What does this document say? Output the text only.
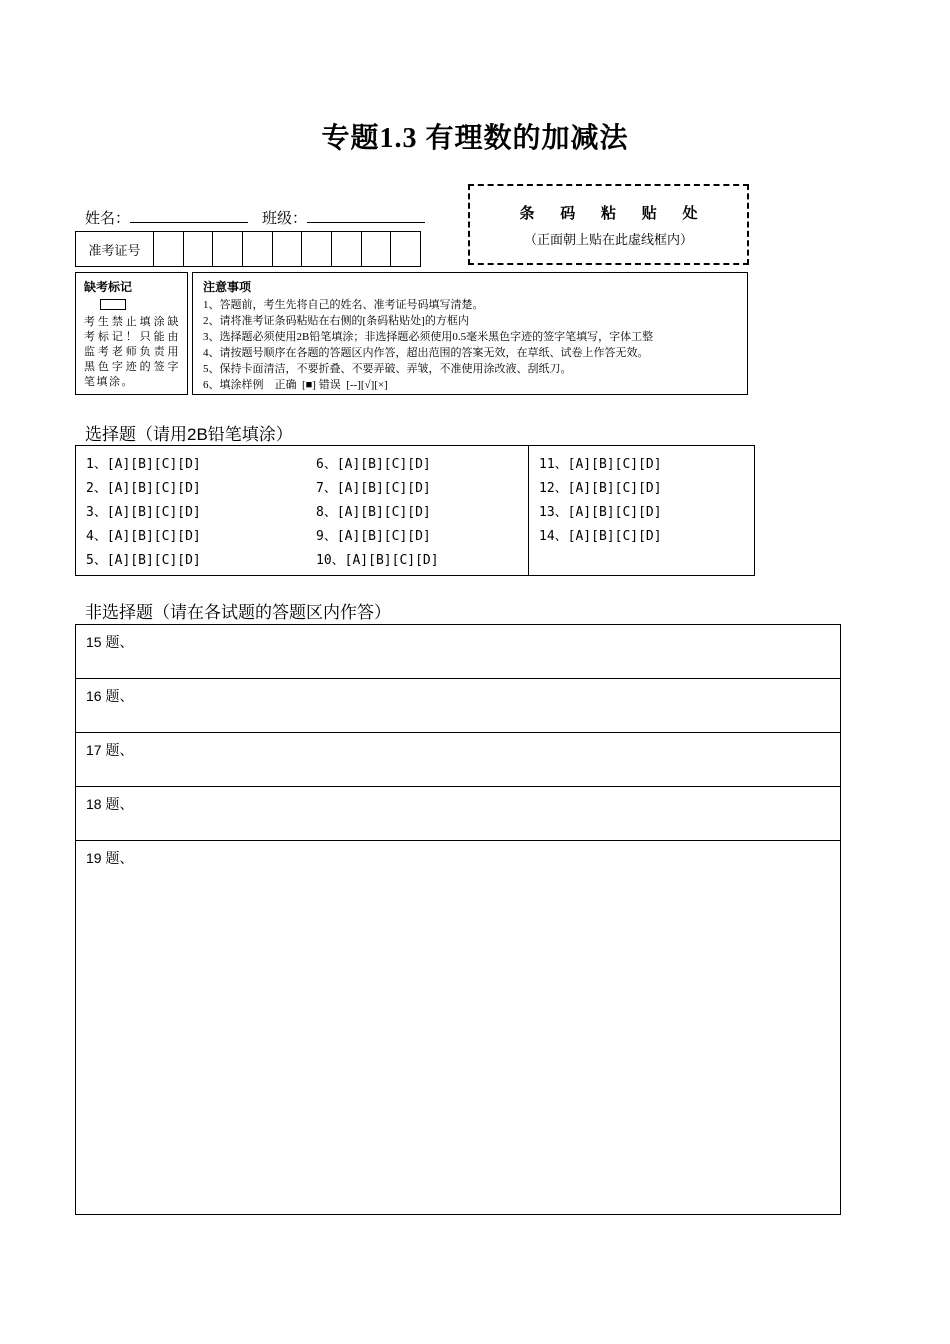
专题1.3 有理数的加减法
姓名：	班级：
准考证号
条 码 粘 贴 处
（正面朝上贴在此虚线框内）
缺考标记
考生禁止填涂缺考标记！只能由监考老师负责用黑色字迹的签字笔填涂。
注意事项
1、答题前，考生先将自己的姓名、准考证号码填写清楚。
2、请将准考证条码粘贴在右侧的[条码粘贴处]的方框内
3、选择题必须使用2B铅笔填涂；非选择题必须使用0.5毫米黑色字迹的签字笔填写，字体工整
4、请按题号顺序在各题的答题区内作答，超出范围的答案无效，在草纸、试卷上作答无效。
5、保持卡面清洁，不要折叠、不要弄破、弄皱，不准使用涂改液、刮纸刀。
6、填涂样例    正确  [■] 错误  [--][√][×]
选择题（请用2B铅笔填涂）
1、[A][B][C][D]
2、[A][B][C][D]
3、[A][B][C][D]
4、[A][B][C][D]
5、[A][B][C][D]
6、[A][B][C][D]
7、[A][B][C][D]
8、[A][B][C][D]
9、[A][B][C][D]
10、[A][B][C][D]
11、[A][B][C][D]
12、[A][B][C][D]
13、[A][B][C][D]
14、[A][B][C][D]
非选择题（请在各试题的答题区内作答）
15 题、
16 题、
17 题、
18 题、
19 题、
